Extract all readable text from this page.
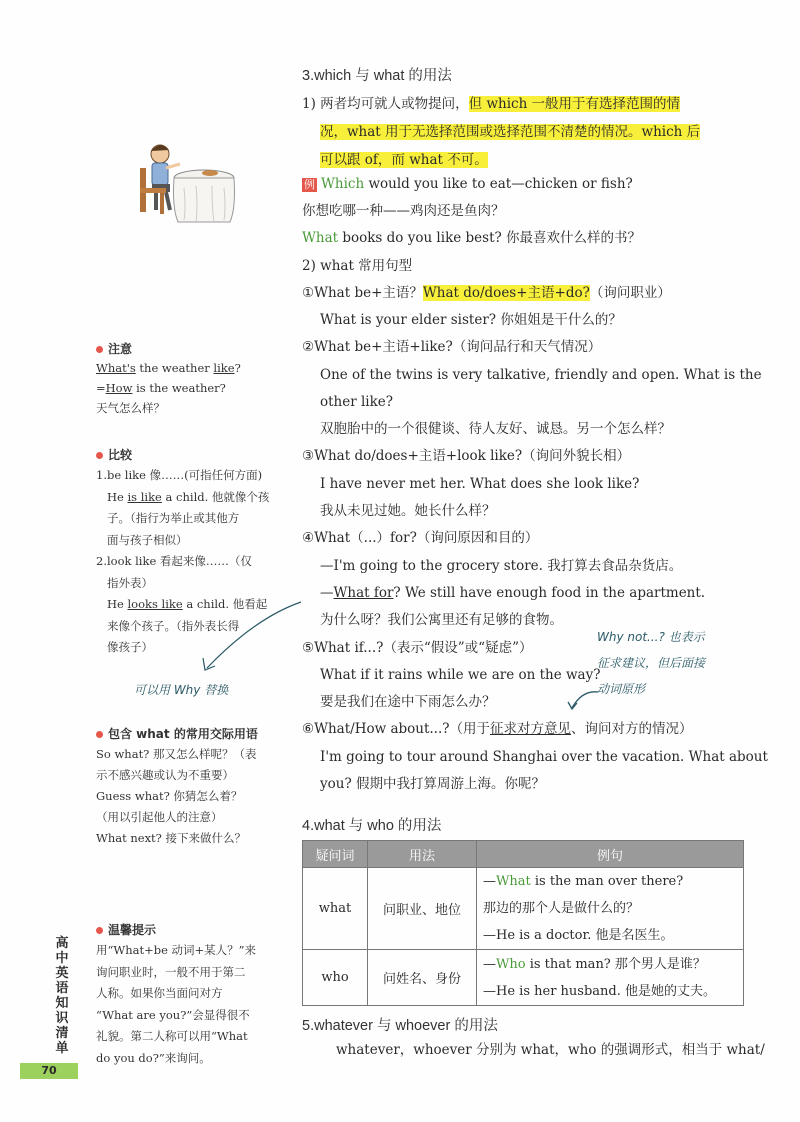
3.which 与 what 的用法
1) 两者均可就人或物提问，但 which 一般用于有选择范围的情
况，what 用于无选择范围或选择范围不清楚的情况。which 后
可以跟 of，而 what 不可。
例 Which would you like to eat—chicken or fish?
你想吃哪一种——鸡肉还是鱼肉？
What books do you like best? 你最喜欢什么样的书？
2) what 常用句型
①What be+主语？What do/does+主语+do?（询问职业）
What is your elder sister? 你姐姐是干什么的？
②What be+主语+like?（询问品行和天气情况）
One of the twins is very talkative, friendly and open. What is the
other like?
双胞胎中的一个很健谈、待人友好、诚恳。另一个怎么样？
③What do/does+主语+look like?（询问外貌长相）
I have never met her. What does she look like?
我从未见过她。她长什么样？
④What（...）for?（询问原因和目的）
—I'm going to the grocery store. 我打算去食品杂货店。
—What for? We still have enough food in the apartment.
为什么呀？我们公寓里还有足够的食物。
⑤What if...?（表示“假设”或“疑虑”）
What if it rains while we are on the way?
要是我们在途中下雨怎么办？
⑥What/How about...?（用于征求对方意见、询问对方的情况）
I'm going to tour around Shanghai over the vacation. What about
you? 假期中我打算周游上海。你呢？
Why not...? 也表示
征求建议，但后面接
动词原形
4.what 与 who 的用法
疑问词	用法	例句
what	问职业、地位	—What is the man over there?
那边的那个人是做什么的？
—He is a doctor. 他是名医生。

who	问姓名、身份	—Who is that man? 那个男人是谁？
—He is her husband. 他是她的丈夫。
5.whatever 与 whoever 的用法
whatever，whoever 分别为 what，who 的强调形式，相当于 what/
注意
What's the weather like?
=How is the weather?
天气怎么样？
比较
1.be like 像……(可指任何方面)
He is like a child. 他就像个孩
子。（指行为举止或其他方
面与孩子相似）
2.look like 看起来像……（仅
指外表）
He looks like a child. 他看起
来像个孩子。（指外表长得
像孩子）
可以用 Why 替换
包含 what 的常用交际用语
So what? 那又怎么样呢？（表
示不感兴趣或认为不重要）
Guess what? 你猜怎么着？
（用以引起他人的注意）
What next? 接下来做什么？
温馨提示
用“What+be 动词+某人？”来
询问职业时，一般不用于第二
人称。如果你当面问对方
“What are you?”会显得很不
礼貌。第二人称可以用“What
do you do?”来询问。
高中英语知识清单
70
